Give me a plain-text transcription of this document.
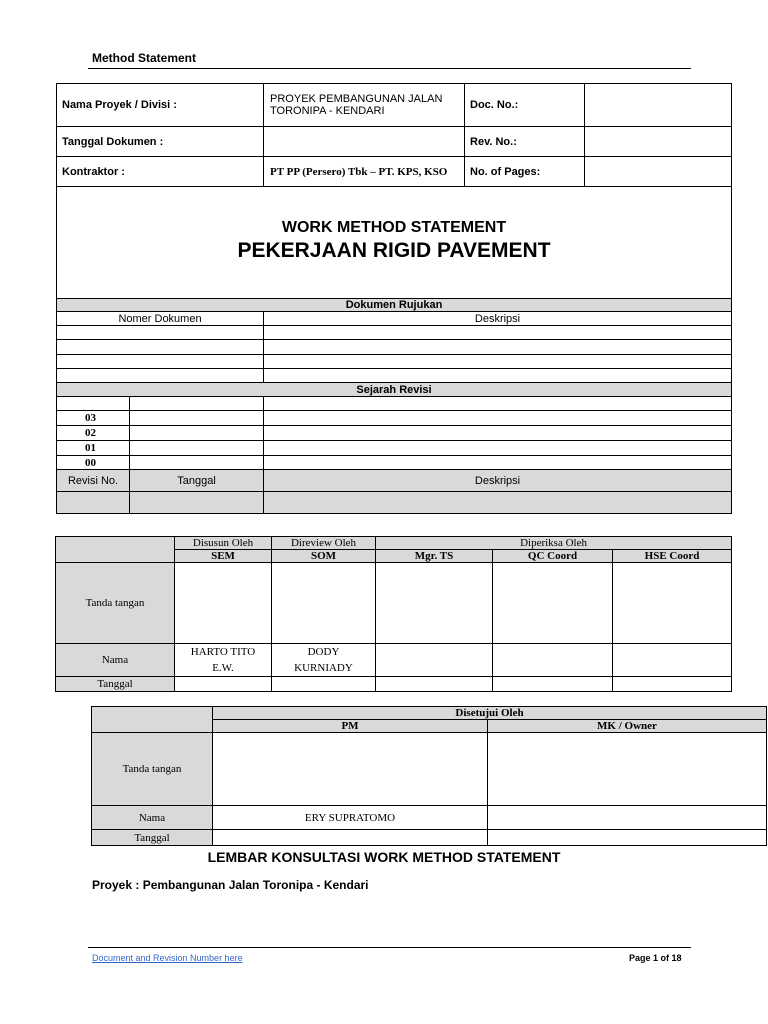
Method Statement
Nama Proyek / Divisi :		PROYEK PEMBANGUNAN JALAN TORONIPA - KENDARI	Doc. No.:	
Tanggal Dokumen :			Rev. No.:	
Kontraktor :		PT PP (Persero) Tbk – PT. KPS, KSO	No. of Pages:	

WORK METHOD STATEMENT
PEKERJAAN RIGID PAVEMENT				

Dokumen Rujukan				
Nomer Dokumen		Deskripsi		

Sejarah Revisi				

03				
02				
01				
00				
Revisi No.	Tanggal	Deskripsi		

	Disusun Oleh	Direview Oleh	Diperiksa Oleh		
	SEM	SOM	Mgr. TS	QC Coord	HSE Coord

Tanda tangan					

Nama	HARTO TITO E.W.	DODY KURNIADY			

Tanggal					
	Disetujui Oleh	
	PM	MK / Owner

Tanda tangan		

Nama	ERY SUPRATOMO	
Tanggal		
LEMBAR KONSULTASI WORK METHOD STATEMENT
Proyek : Pembangunan Jalan Toronipa - Kendari
Document and Revision Number here	Page 1 of 18
